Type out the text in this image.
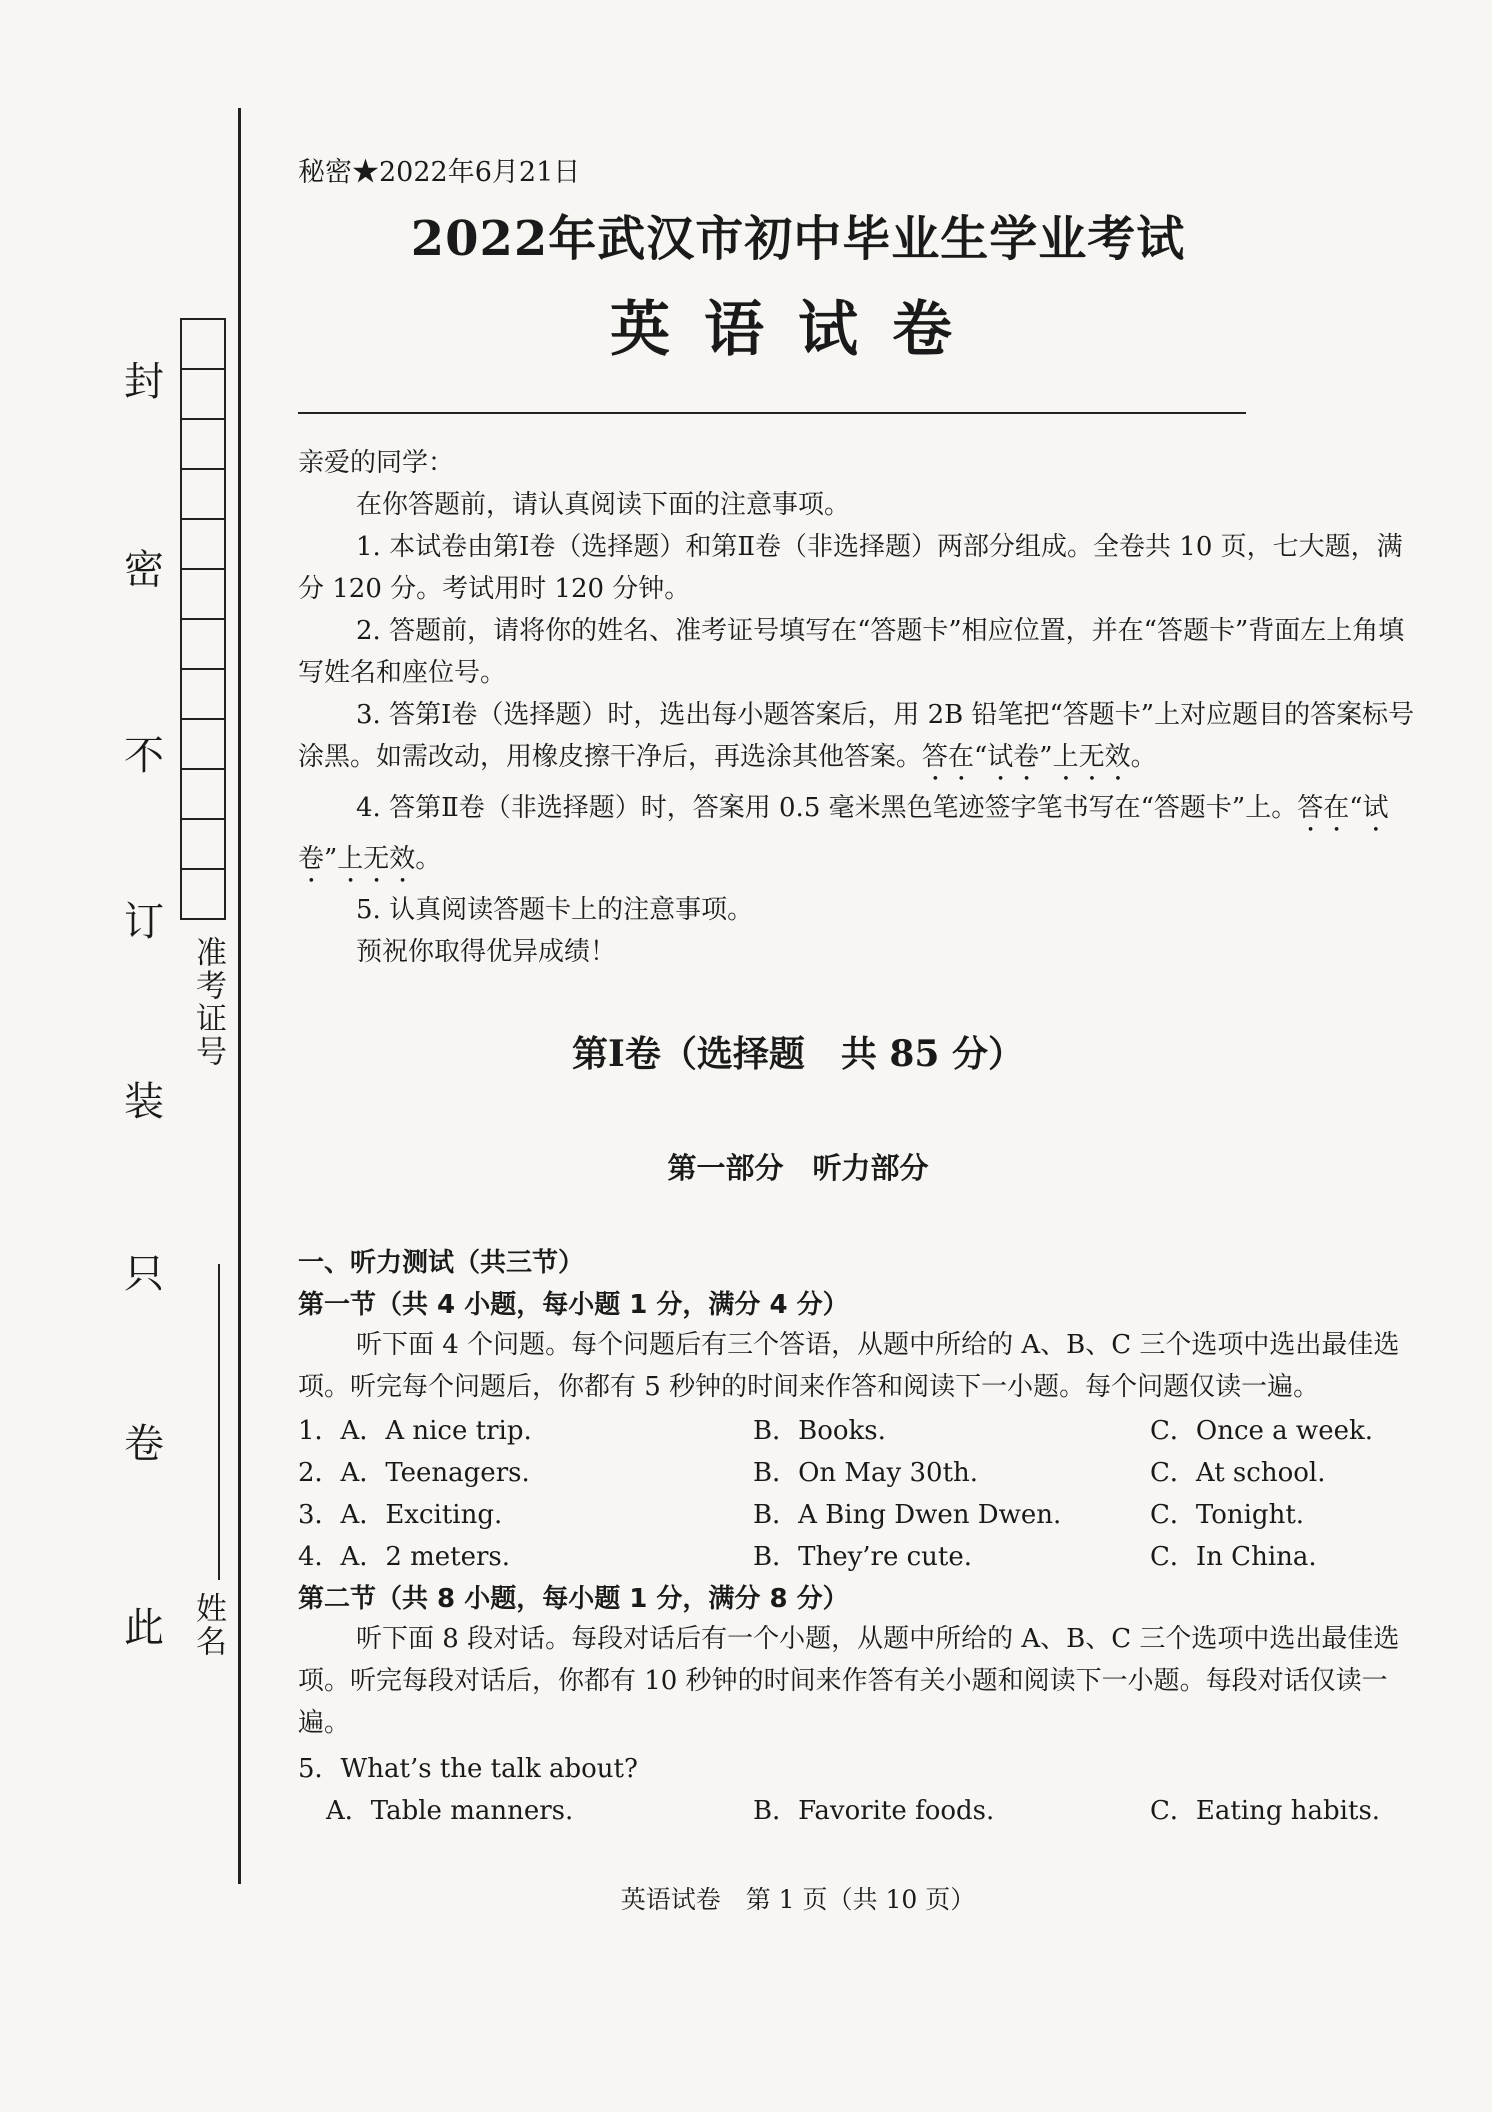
封
密
不
订
装
只
卷
此
准考证号
姓名
秘密★2022年6月21日
2022年武汉市初中毕业生学业考试
英语试卷
亲爱的同学：
在你答题前，请认真阅读下面的注意事项。
1. 本试卷由第Ⅰ卷（选择题）和第Ⅱ卷（非选择题）两部分组成。全卷共 10 页，七大题，满分 120 分。考试用时 120 分钟。
2. 答题前，请将你的姓名、准考证号填写在“答题卡”相应位置，并在“答题卡”背面左上角填写姓名和座位号。
3. 答第Ⅰ卷（选择题）时，选出每小题答案后，用 2B 铅笔把“答题卡”上对应题目的答案标号涂黑。如需改动，用橡皮擦干净后，再选涂其他答案。答在“试卷”上无效。
4. 答第Ⅱ卷（非选择题）时，答案用 0.5 毫米黑色笔迹签字笔书写在“答题卡”上。答在“试卷”上无效。
5. 认真阅读答题卡上的注意事项。
预祝你取得优异成绩！
第Ⅰ卷（选择题　共 85 分）
第一部分　听力部分
一、听力测试（共三节）
第一节（共 4 小题，每小题 1 分，满分 4 分）
听下面 4 个问题。每个问题后有三个答语，从题中所给的 A、B、C 三个选项中选出最佳选项。听完每个问题后，你都有 5 秒钟的时间来作答和阅读下一小题。每个问题仅读一遍。
1．A．A nice trip.	B．Books.	C．Once a week.
2．A．Teenagers.	B．On May 30th.	C．At school.
3．A．Exciting.	B．A Bing Dwen Dwen.	C．Tonight.
4．A．2 meters.	B．They’re cute.	C．In China.
第二节（共 8 小题，每小题 1 分，满分 8 分）
听下面 8 段对话。每段对话后有一个小题，从题中所给的 A、B、C 三个选项中选出最佳选项。听完每段对话后，你都有 10 秒钟的时间来作答有关小题和阅读下一小题。每段对话仅读一遍。
5．What’s the talk about?
A．Table manners.	B．Favorite foods.	C．Eating habits.
英语试卷　第 1 页（共 10 页）
